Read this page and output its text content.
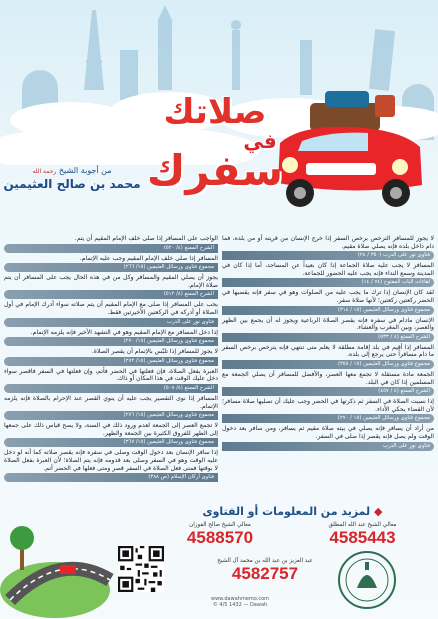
صلاتك
في
سفرك
من أجوبة الشيخ رحمه الله
محمد بن صالح العثيمين

الواجب على المسافر إذا صلى خلف الإمام المقيم أن يتم.

الشرح الممتع (٤/ ٥٢٠)

المسافر إذا صلى خلف الإمام المقيم وجب عليه الإتمام.

مجموع فتاوى ورسائل العثيمين (١٥/ ٢٦٦)

يجوز أن يصلي المقيم والمسافر وكل من في هذه الحال يجب على المسافر أن يتم صلاة الإمام.

الشرح الممتع (٤/ ٥١٢)

يجب على المسافر إذا صلى مع الإمام المقيم أن يتم صلاته سواء أدرك الإمام في أول الصلاة أو أدركه في الركعتين الأخيرتين فقط.

فتاوى نور على الدرب

إذا دخل المسافر مع الإمام المقيم وهو في التشهد الأخير فإنه يلزمه الإتمام.

مجموع فتاوى ورسائل العثيمين (١٥/ ٢٧٠)

لا يجوز للمسافر إذا تلبّس بالإتمام أن يقصر الصلاة.

مجموع فتاوى ورسائل العثيمين (١٥/ ٢٧٢)

العبرة بفعل الصلاة، فإن فعلتها في الحضر فأتم، وإن فعلتها في السفر فاقصر سواء دخل عليك الوقت في هذا المكان أو ذاك.

الشرح الممتع (٤/ ٥٠٨)

المسافر إذا نوى التقصير يجب عليه أن ينوي القصر عند الإحرام بالصلاة فإنه يلزمه الإتمام.

مجموع فتاوى ورسائل العثيمين (١٥/ ٢٧٦)

لا تجمع العصر إلى الجمعة لعدم ورود ذلك في السنة، ولا يصح قياس ذلك على جمعها إلى الظهر للفروق الكثيرة بين الجمعة والظهر.

مجموع فتاوى ورسائل العثيمين (١٥/ ٣٦٧)

إذا سافر الإنسان بعد دخول الوقت وصلى في سفره فإنه يقصر صلاته كما أنه لو دخل عليه الوقت وهو في السفر وصلى بعد قدومه فإنه يتم الصلاة؛ لأن العبرة بفعل الصلاة لا بوقتها فمتى فعل الصلاة في السفر قصر ومتى فعلها في الحضر أتم.

فتاوى أركان الإسلام (ص ٣٨٨)

لا يجوز للمسافر الترخص برخص السفر إذا خرج الإنسان من قريته أو من بلده، فما دام داخل بلده فإنه يصلي صلاة مقيم.

فتاوى نور على الدرب (٣٥٠ / ٢٤)

المسافر لا يجب عليه صلاة الجماعة إذا كان بعيداً عن المساجد، أما إذا كان في المدينة وسمع النداء فإنه يجب عليه الحضور للجماعة.

لقاءات الباب المفتوح (٧٤ / ١٤)

لقد كان الإنسان إذا ترك ما يجب عليه من الصلوات وهو في سفر فإنه يقضيها في الحضر ركعتين ركعتين؛ لأنها صلاة سفر.

مجموع فتاوى ورسائل العثيمين (١٥ / ٣١٤)

الإنسان مادام في سفره فإنه يقصر الصلاة الرباعية ويجوز له أن يجمع بين الظهر والعصر، وبين المغرب والعشاء.

الشرح الممتع (٤ / ٥٣٣)

المسافر إذا أقيم في بلد إقامة مطلقة لا يعلم متى تنتهي فإنه يترخص برخص السفر ما دام مسافراً حتى يرجع إلى بلده.

مجموع فتاوى ورسائل العثيمين (١٥ / ٣٥٥)

الجمعة مادة مستقلة لا تجمع معها العصر، والأفضل للمسافر أن يصلي الجمعة مع المسلمين إذا كان في البلد.

الشرح الممتع (٤ / ٤٥٧)

إذا نسيت الصلاة في السفر ثم ذكرتها في الحضر وجب عليك أن تصليها صلاة مسافر؛ لأن القضاء يحكي الأداء.

مجموع فتاوى ورسائل العثيمين (١٥ / ٢٧٠)

من أراد أن يسافر فإنه يصلي في بيته صلاة مقيم ثم يسافر، ومن سافر بعد دخول الوقت ولم يصل فإنه يقصر إذا صلى في السفر.

فتاوى نور على الدرب
◆ لمزيد من المعلومات أو الفتاوى
معالي الشيخ عبد الله المطلق
4585443
معالي الشيخ صالح الفوزان
4588570
عبد العزيز بن عبد الله بن محمد آل الشيخ
4582757
www.dawahmemo.com
© 4/5 1432 — Dawah
